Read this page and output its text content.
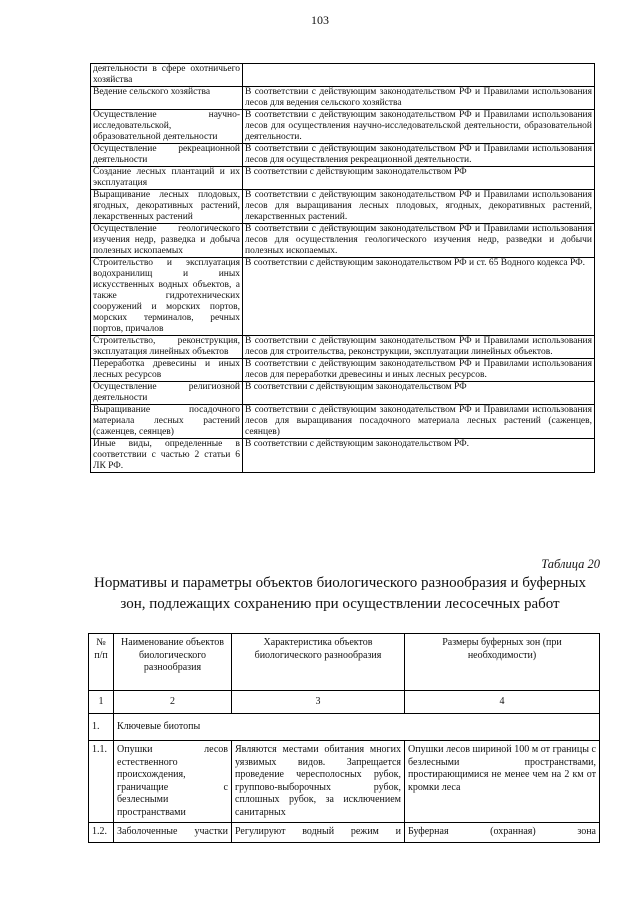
103
деятельности в сфере охотничьего хозяйства	
Ведение сельского хозяйства	В соответствии с действующим законодательством РФ и Правилами использования лесов для ведения сельского хозяйства
Осуществление научно-исследовательской, образовательной деятельности	В соответствии с действующим законодательством РФ и Правилами использования лесов для осуществления научно-исследовательской деятельности, образовательной деятельности.
Осуществление рекреационной деятельности	В соответствии с действующим законодательством РФ и Правилами использования лесов для осуществления рекреационной деятельности.
Создание лесных плантаций и их эксплуатация	В соответствии с действующим законодательством РФ
Выращивание лесных плодовых, ягодных, декоративных растений, лекарственных растений	В соответствии с действующим законодательством РФ и Правилами использования лесов для выращивания лесных плодовых, ягодных, декоративных растений, лекарственных растений.
Осуществление геологического изучения недр, разведка и добыча полезных ископаемых	В соответствии с действующим законодательством РФ и Правилами использования лесов для осуществления геологического изучения недр, разведки и добычи полезных ископаемых.
Строительство и эксплуатация водохранилищ и иных искусственных водных объектов, а также гидротехнических сооружений и морских портов, морских терминалов, речных портов, причалов	В соответствии с действующим законодательством РФ и ст. 65 Водного кодекса РФ.
Строительство, реконструкция, эксплуатация линейных объектов	В соответствии с действующим законодательством РФ и Правилами использования лесов для строительства, реконструкции, эксплуатации линейных объектов.
Переработка древесины и иных лесных ресурсов	В соответствии с действующим законодательством РФ и Правилами использования лесов для переработки древесины и иных лесных ресурсов.
Осуществление религиозной деятельности	В соответствии с действующим законодательством РФ
Выращивание посадочного материала лесных растений (саженцев, сеянцев)	В соответствии с действующим законодательством РФ и Правилами использования лесов для выращивания посадочного материала лесных растений (саженцев, сеянцев)
Иные виды, определенные в соответствии с частью 2 статьи 6 ЛК РФ.	В соответствии с действующим законодательством РФ.
Таблица 20
Нормативы и параметры объектов биологического разнообразия и буферных зон, подлежащих сохранению при осуществлении лесосечных работ
№ п/п	Наименование объектов биологического разнообразия	Характеристика объектов биологического разнообразия	Размеры буферных зон (при необходимости)
1	2	3	4
1.	Ключевые биотопы		
1.1.	Опушки лесов естественного происхождения, граничащие с безлесными пространствами	Являются местами обитания многих уязвимых видов. Запрещается проведение чересполосных рубок, группово-выборочных рубок, сплошных рубок, за исключением санитарных	Опушки лесов шириной 100 м от границы с безлесными пространствами, простирающимися не менее чем на 2 км от кромки леса
1.2.	Заболоченные участки	Регулируют водный режим и	Буферная (охранная) зона
